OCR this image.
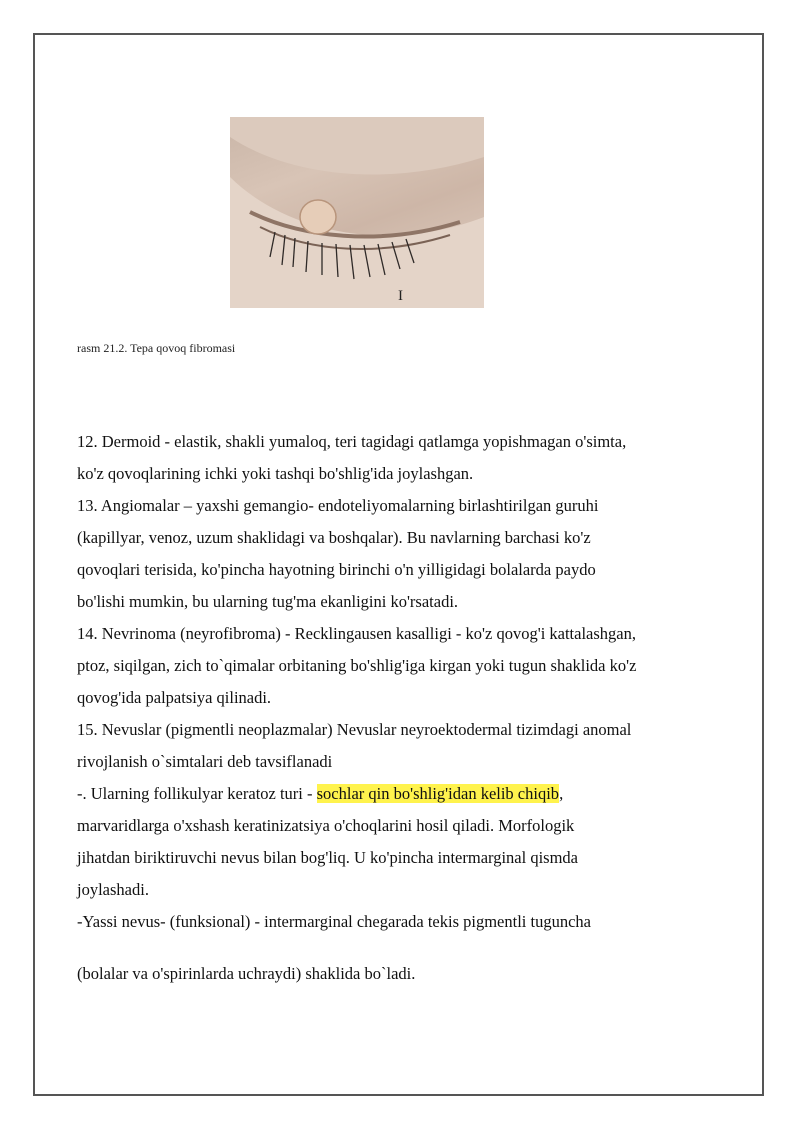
I
rasm 21.2. Tepa qovoq fibromasi

12. Dermoid - elastik, shakli yumaloq, teri tagidagi qatlamga yopishmagan o'simta,

ko'z qovoqlarining ichki yoki tashqi bo'shlig'ida joylashgan.

13. Angiomalar – yaxshi gemangio- endoteliyomalarning birlashtirilgan guruhi

(kapillyar, venoz, uzum shaklidagi va boshqalar). Bu navlarning barchasi ko'z

qovoqlari terisida, ko'pincha hayotning birinchi o'n yilligidagi bolalarda paydo

bo'lishi mumkin, bu ularning tug'ma ekanligini ko'rsatadi.

14. Nevrinoma (neyrofibroma) - Recklingausen kasalligi - ko'z qovog'i kattalashgan,

ptoz, siqilgan, zich to`qimalar orbitaning bo'shlig'iga kirgan yoki tugun shaklida ko'z

qovog'ida palpatsiya qilinadi.

15. Nevuslar (pigmentli neoplazmalar) Nevuslar neyroektodermal tizimdagi anomal

rivojlanish o`simtalari deb tavsiflanadi

-. Ularning follikulyar keratoz turi - sochlar qin bo'shlig'idan kelib chiqib,

marvaridlarga o'xshash keratinizatsiya o'choqlarini hosil qiladi. Morfologik

jihatdan biriktiruvchi nevus bilan bog'liq. U ko'pincha intermarginal qismda

joylashadi.

-Yassi nevus- (funksional) - intermarginal chegarada tekis pigmentli tuguncha

(bolalar va o'spirinlarda uchraydi) shaklida bo`ladi.
